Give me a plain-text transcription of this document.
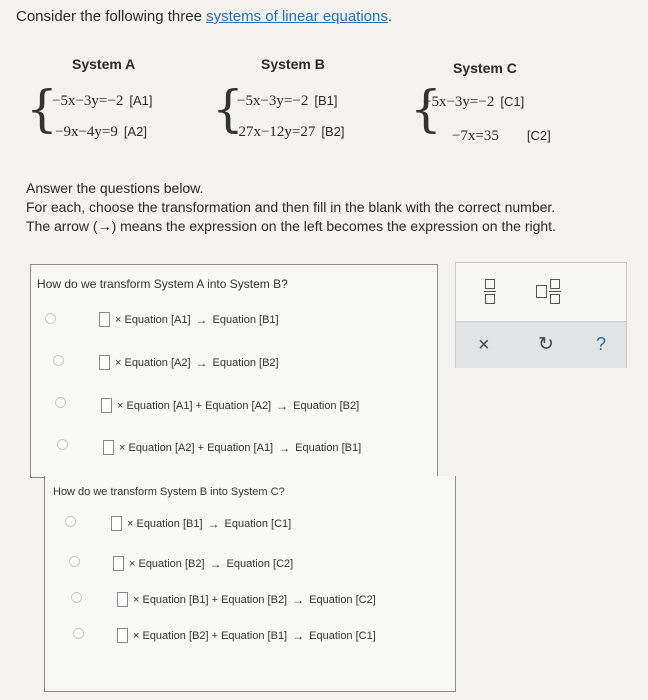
Consider the following three systems of linear equations.
System A	System B	System C
{
−5x−3y=−2 [A1]
−9x−4y=9 [A2] {
−5x−3y=−2 [B1]
−27x−12y=27 [B2] {
−5x−3y=−2 [C1]
−7x=35 [C2]
Answer the questions below.
For each, choose the transformation and then fill in the blank with the correct number.
The arrow (→) means the expression on the left becomes the expression on the right.
How do we transform System A into System B?
× Equation [A1] → Equation [B1]
× Equation [A2] → Equation [B2]
× Equation [A1] + Equation [A2] → Equation [B2]
× Equation [A2] + Equation [A1] → Equation [B1]
How do we transform System B into System C?
× Equation [B1] → Equation [C1]
× Equation [B2] → Equation [C2]
× Equation [B1] + Equation [B2] → Equation [C2]
× Equation [B2] + Equation [B1] → Equation [C1]
×	↻ ?
